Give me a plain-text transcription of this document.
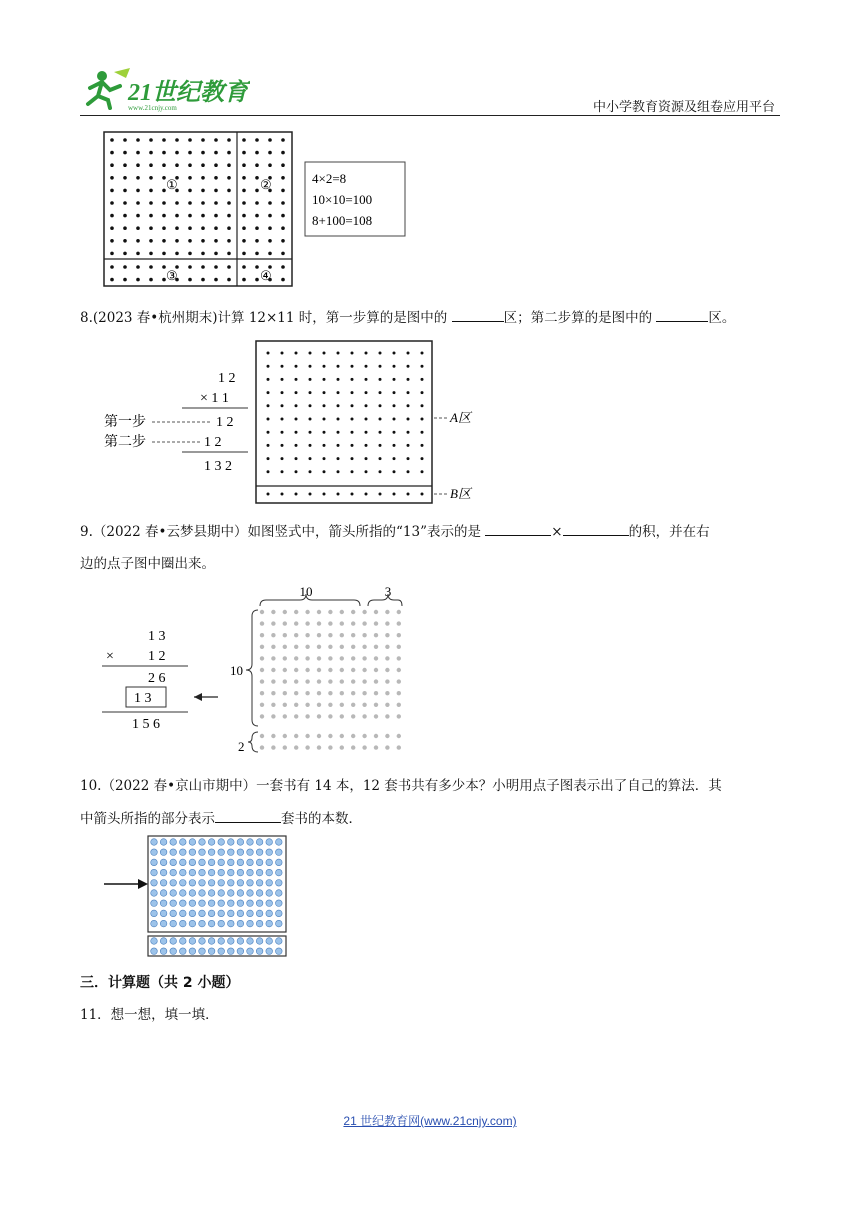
21世纪教育
www.21cnjy.com	中小学教育资源及组卷应用平台
①	②
③	④
4×2=8
10×10=100
8+100=108
8.(2023 春•杭州期末)计算 12×11 时，第一步算的是图中的	区；第二步算的是图中的	区。
1 2
× 1 1
1 2
1 2
1 3 2
第一步
第二步
A区
B区
9.（2022 春•云梦县期中）如图竖式中，箭头所指的“13”表示的是	×	的积，并在右
边的点子图中圈出来。
1 3
× 1 2
2 6
1 3
1 5 6
10	3
10
2
10.（2022 春•京山市期中）一套书有 14 本，12 套书共有多少本？小明用点子图表示出了自己的算法．其
中箭头所指的部分表示	套书的本数．
三．计算题（共 2 小题）
11．想一想，填一填．
21 世纪教育网(www.21cnjy.com)
